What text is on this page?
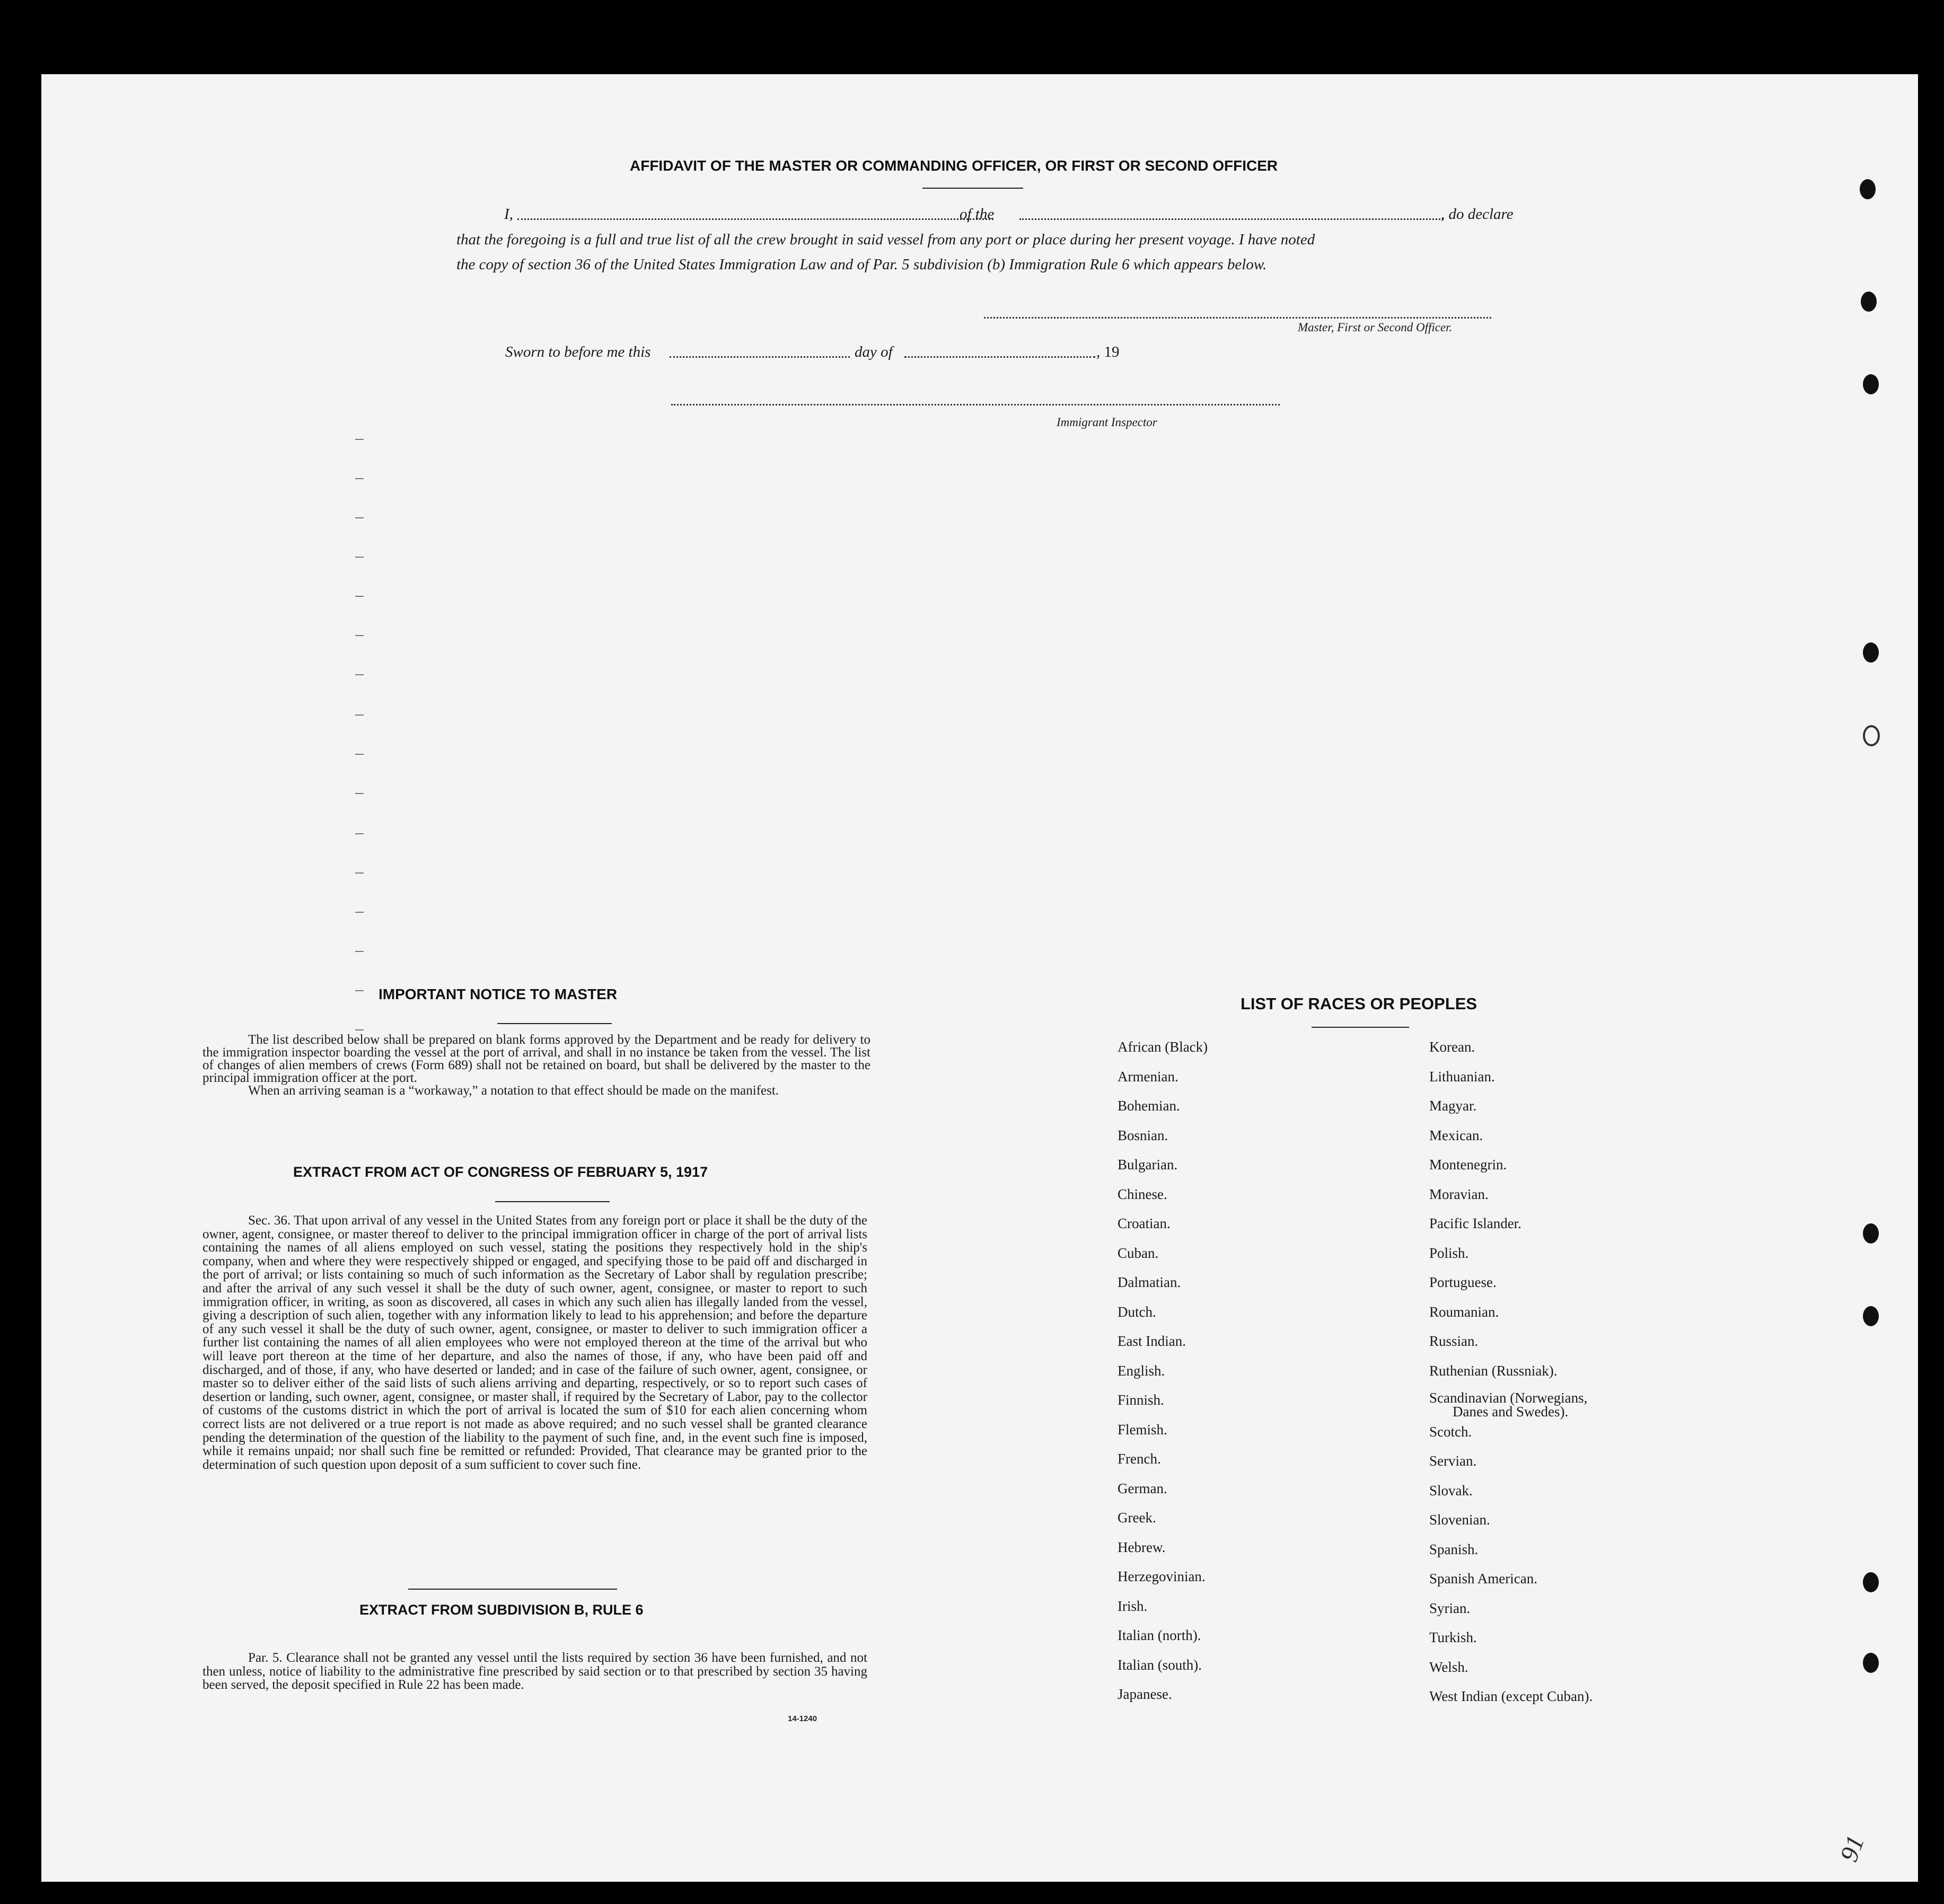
AFFIDAVIT OF THE MASTER OR COMMANDING OFFICER, OR FIRST OR SECOND OFFICER
I,	of the	, do declare
that the foregoing is a full and true list of all the crew brought in said vessel from any port or place during her present voyage. I have noted
the copy of section 36 of the United States Immigration Law and of Par. 5 subdivision (b) Immigration Rule 6 which appears below.
Master, First or Second Officer.
Sworn to before me this	day of	, 19
Immigrant Inspector
IMPORTANT NOTICE TO MASTER
The list described below shall be prepared on blank forms approved by the Department and be ready for delivery to the immigration inspector boarding the vessel at the port of arrival, and shall in no instance be taken from the vessel. The list of changes of alien members of crews (Form 689) shall not be retained on board, but shall be delivered by the master to the principal immigration officer at the port.
When an arriving seaman is a “workaway,” a notation to that effect should be made on the manifest.
EXTRACT FROM ACT OF CONGRESS OF FEBRUARY 5, 1917
Sec. 36. That upon arrival of any vessel in the United States from any foreign port or place it shall be the duty of the owner, agent, consignee, or master thereof to deliver to the principal immigration officer in charge of the port of arrival lists containing the names of all aliens employed on such vessel, stating the positions they respectively hold in the ship's company, when and where they were respectively shipped or engaged, and specifying those to be paid off and discharged in the port of arrival; or lists containing so much of such information as the Secretary of Labor shall by regulation prescribe; and after the arrival of any such vessel it shall be the duty of such owner, agent, consignee, or master to report to such immigration officer, in writing, as soon as discovered, all cases in which any such alien has illegally landed from the vessel, giving a description of such alien, together with any information likely to lead to his apprehension; and before the departure of any such vessel it shall be the duty of such owner, agent, consignee, or master to deliver to such immigration officer a further list containing the names of all alien employees who were not employed thereon at the time of the arrival but who will leave port thereon at the time of her departure, and also the names of those, if any, who have been paid off and discharged, and of those, if any, who have deserted or landed; and in case of the failure of such owner, agent, consignee, or master so to deliver either of the said lists of such aliens arriving and departing, respectively, or so to report such cases of desertion or landing, such owner, agent, consignee, or master shall, if required by the Secretary of Labor, pay to the collector of customs of the customs district in which the port of arrival is located the sum of $10 for each alien concerning whom correct lists are not delivered or a true report is not made as above required; and no such vessel shall be granted clearance pending the determination of the question of the liability to the payment of such fine, and, in the event such fine is imposed, while it remains unpaid; nor shall such fine be remitted or refunded: Provided, That clearance may be granted prior to the determination of such question upon deposit of a sum sufficient to cover such fine.
EXTRACT FROM SUBDIVISION B, RULE 6
Par. 5. Clearance shall not be granted any vessel until the lists required by section 36 have been furnished, and not then unless, notice of liability to the administrative fine prescribed by said section or to that prescribed by section 35 having been served, the deposit specified in Rule 22 has been made.
14-1240
LIST OF RACES OR PEOPLES
African (Black)
Armenian.
Bohemian.
Bosnian.
Bulgarian.
Chinese.
Croatian.
Cuban.
Dalmatian.
Dutch.
East Indian.
English.
Finnish.
Flemish.
French.
German.
Greek.
Hebrew.
Herzegovinian.
Irish.
Italian (north).
Italian (south).
Japanese.
Korean.
Lithuanian.
Magyar.
Mexican.
Montenegrin.
Moravian.
Pacific Islander.
Polish.
Portuguese.
Roumanian.
Russian.
Ruthenian (Russniak).
Scandinavian (Norwegians,
Danes and Swedes).
Scotch.
Servian.
Slovak.
Slovenian.
Spanish.
Spanish American.
Syrian.
Turkish.
Welsh.
West Indian (except Cuban).
91
